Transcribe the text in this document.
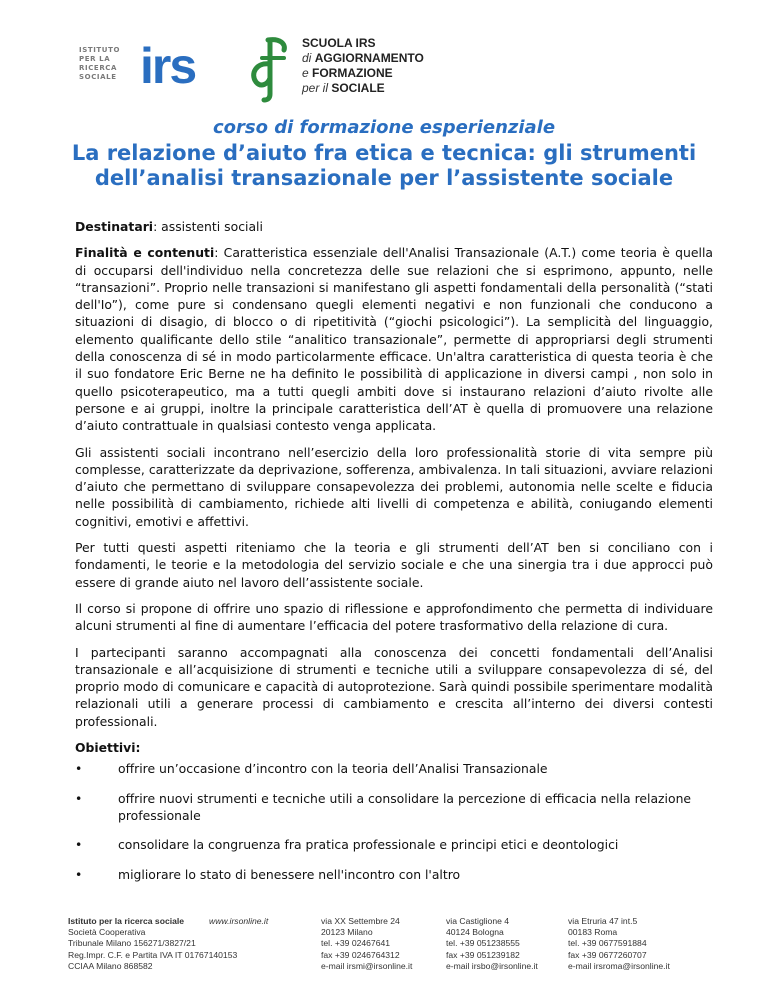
ISTITUTO
PER LA
RICERCA
SOCIALE irs	SCUOLA IRS
di AGGIORNAMENTO
e FORMAZIONE
per il SOCIALE
corso di formazione esperienziale
La relazione d’aiuto fra etica e tecnica: gli strumenti
dell’analisi transazionale per l’assistente sociale

Destinatari: assistenti sociali

Finalità e contenuti: Caratteristica essenziale dell'Analisi Transazionale (A.T.) come teoria è quella di occuparsi dell'individuo nella concretezza delle sue relazioni che si esprimono, appunto, nelle “transazioni”. Proprio nelle transazioni si manifestano gli aspetti fondamentali della personalità (“stati dell'Io”), come pure si condensano quegli elementi negativi e non funzionali che conducono a situazioni di disagio, di blocco o di ripetitività (“giochi psicologici”). La semplicità del linguaggio, elemento qualificante dello stile “analitico transazionale”, permette di appropriarsi degli strumenti della conoscenza di sé in modo particolarmente efficace. Un'altra caratteristica di questa teoria è che il suo fondatore Eric Berne ne ha definito le possibilità di applicazione in diversi campi , non solo in quello psicoterapeutico, ma a tutti quegli ambiti dove si instaurano relazioni d’aiuto rivolte alle persone e ai gruppi, inoltre la principale caratteristica dell’AT è quella di promuovere una relazione d’aiuto contrattuale in qualsiasi contesto venga applicata.

Gli assistenti sociali incontrano nell’esercizio della loro professionalità storie di vita sempre più complesse, caratterizzate da deprivazione, sofferenza, ambivalenza. In tali situazioni, avviare relazioni d’aiuto che permettano di sviluppare consapevolezza dei problemi, autonomia nelle scelte e fiducia nelle possibilità di cambiamento, richiede alti livelli di competenza e abilità, coniugando elementi cognitivi, emotivi e affettivi.

Per tutti questi aspetti riteniamo che la teoria e gli strumenti dell’AT ben si conciliano con i fondamenti, le teorie e la metodologia del servizio sociale e che una sinergia tra i due approcci può essere di grande aiuto nel lavoro dell’assistente sociale.

Il corso si propone di offrire uno spazio di riflessione e approfondimento che permetta di individuare alcuni strumenti al fine di aumentare l’efficacia del potere trasformativo della relazione di cura.

I partecipanti saranno accompagnati alla conoscenza dei concetti fondamentali dell’Analisi transazionale e all’acquisizione di strumenti e tecniche utili a sviluppare consapevolezza di sé, del proprio modo di comunicare e capacità di autoprotezione. Sarà quindi possibile sperimentare modalità relazionali utili a generare processi di cambiamento e crescita all’interno dei diversi contesti professionali.

Obiettivi:
•	offrire un’occasione d’incontro con la teoria dell’Analisi Transazionale
•	offrire nuovi strumenti e tecniche utili a consolidare la percezione di efficacia nella relazione professionale
•	consolidare la congruenza fra pratica professionale e principi etici e deontologici
•	migliorare lo stato di benessere nell'incontro con l'altro
Istituto per la ricerca sociale
Società Cooperativa
Tribunale Milano 156271/3827/21
Reg.Impr. C.F. e Partita IVA IT 01767140153
CCIAA Milano 868582
www.irsonline.it	via XX Settembre 24
20123 Milano
tel. +39 02467641
fax +39 0246764312
e-mail irsmi@irsonline.it
via Castiglione 4
40124 Bologna
tel. +39 051238555
fax +39 051239182
e-mail irsbo@irsonline.it
via Etruria 47 int.5
00183 Roma
tel. +39 0677591884
fax +39 0677260707
e-mail irsroma@irsonline.it
